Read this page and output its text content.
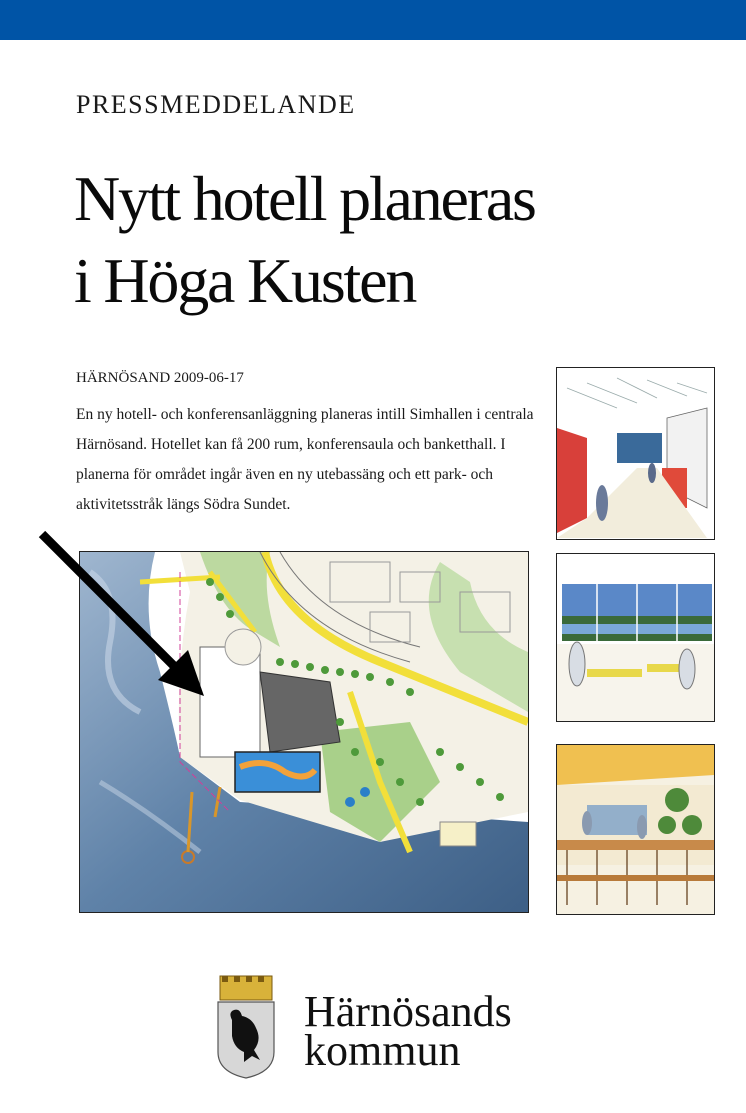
PRESSMEDDELANDE
Nytt hotell planeras
i Höga Kusten
HÄRNÖSAND 2009-06-17
En ny hotell- och konferensanläggning planeras intill Simhallen i centrala Härnösand. Hotellet kan få 200 rum, konferensaula och banketthall. I planerna för området ingår även en ny utebassäng och ett park- och aktivitetsstråk längs Södra Sundet.
Härnösands
kommun
